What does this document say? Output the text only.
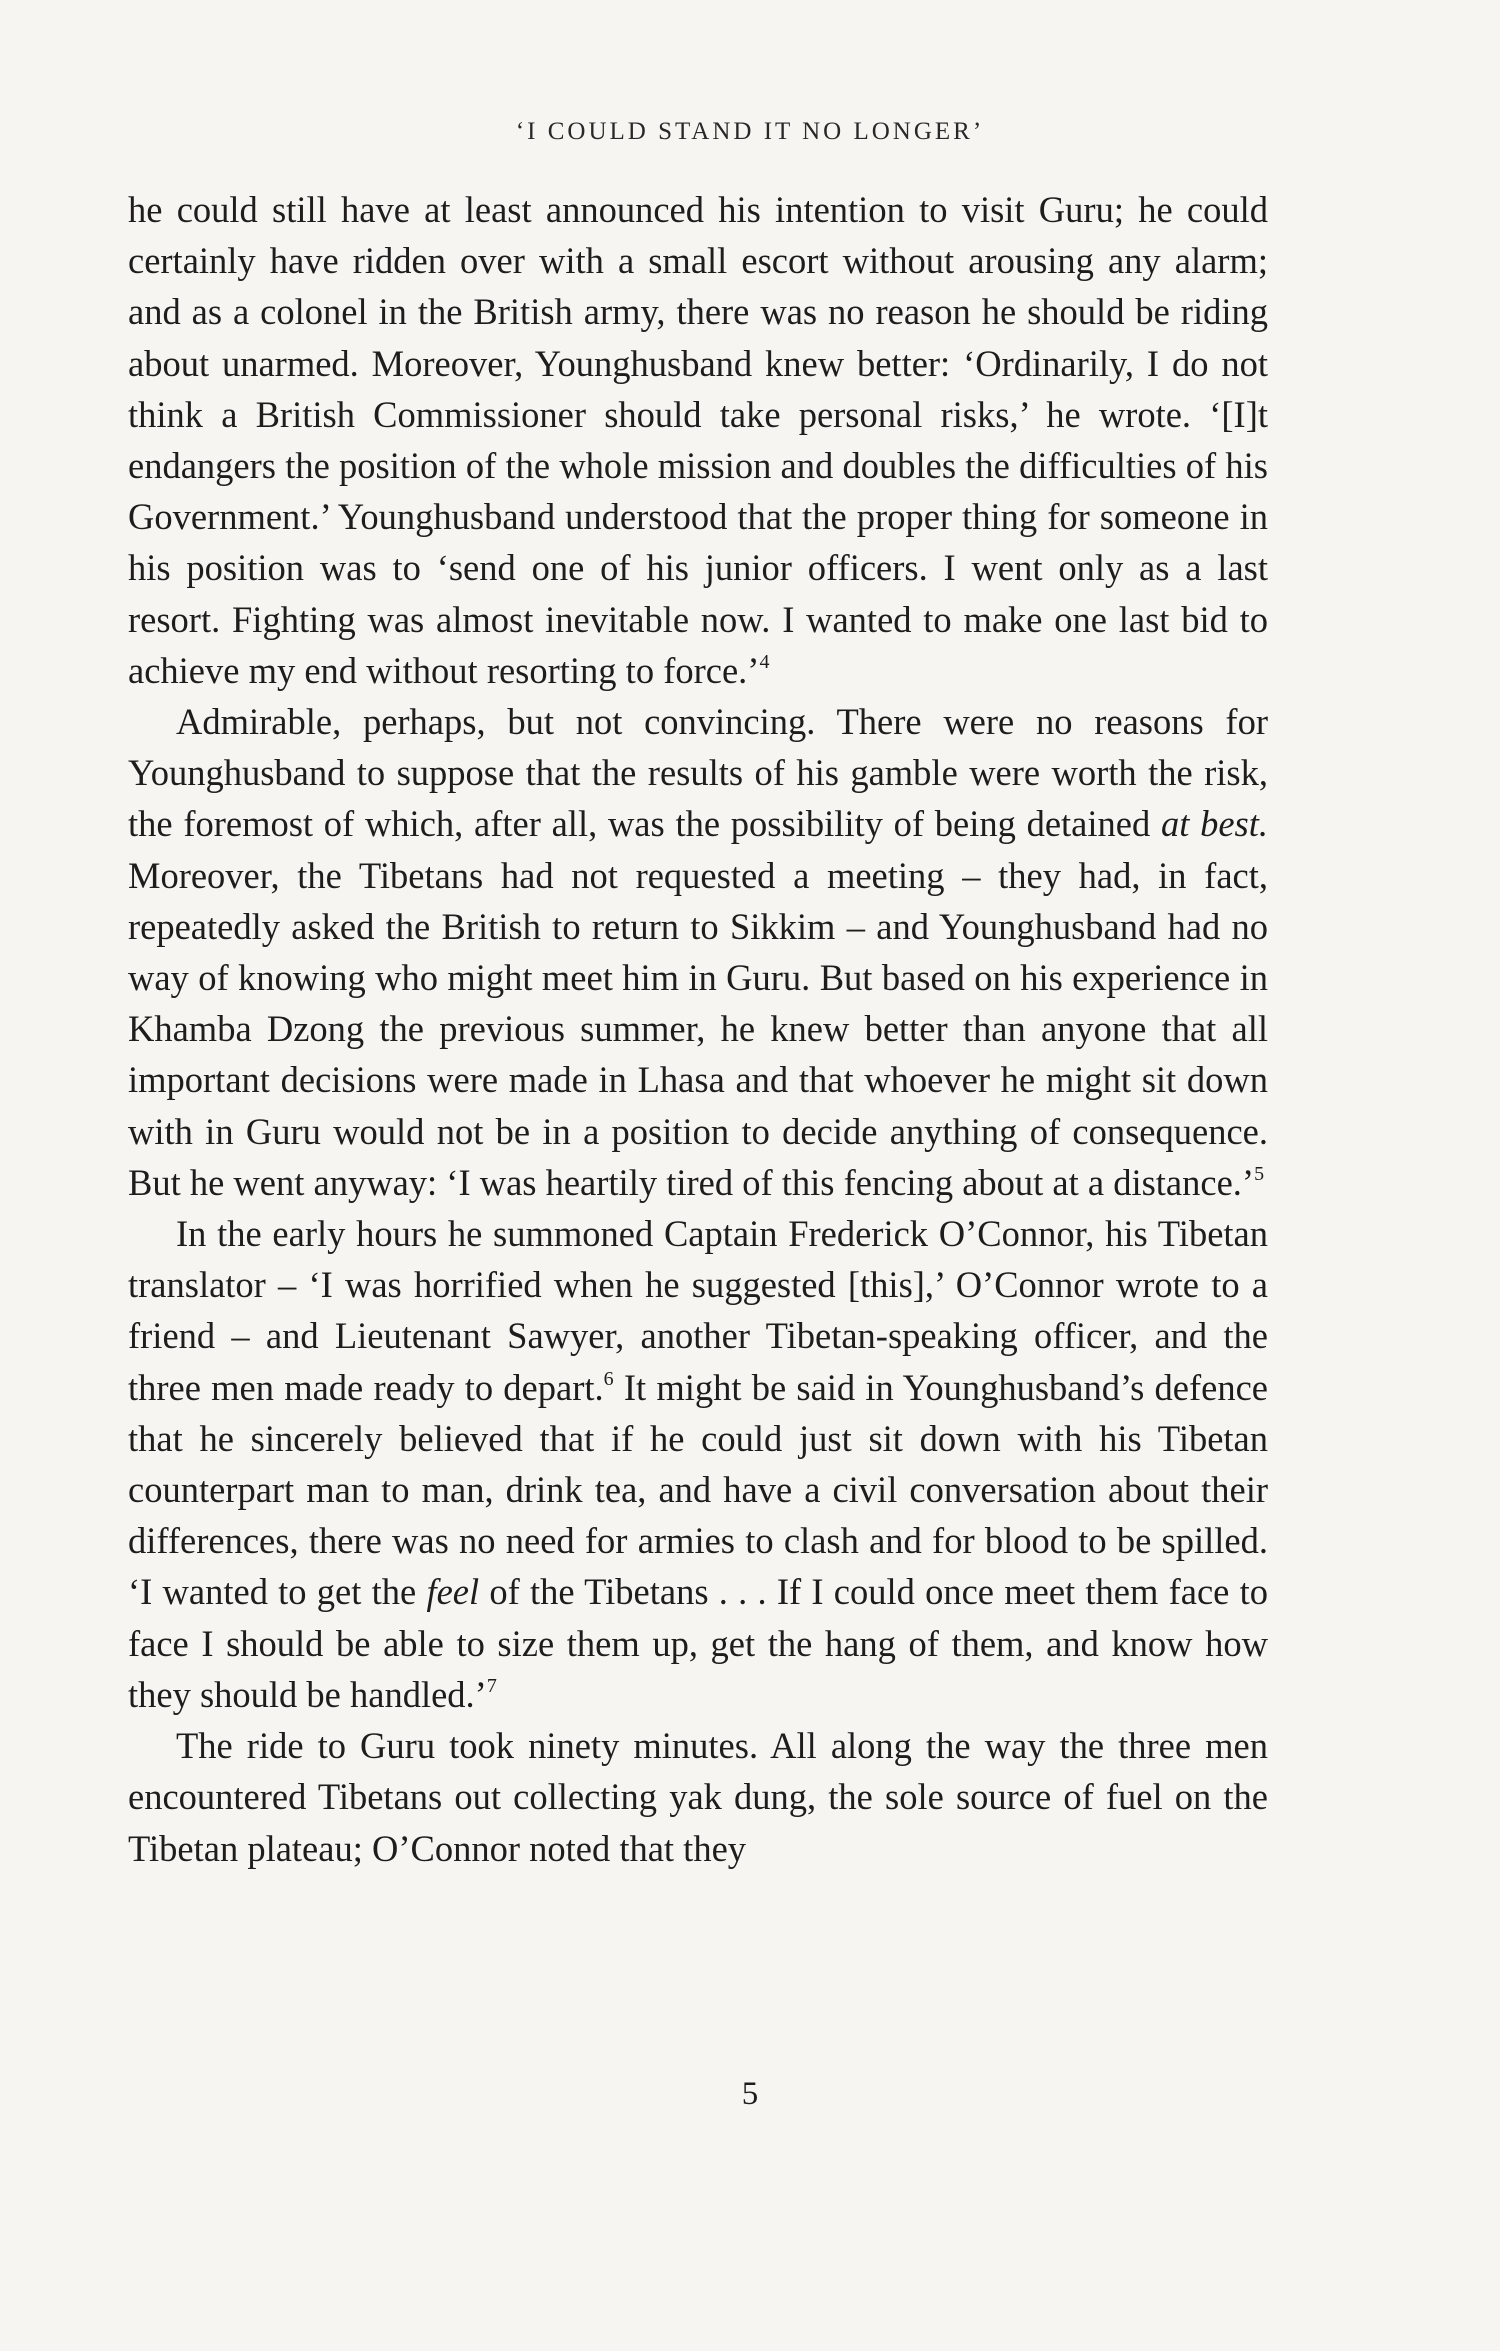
‘I COULD STAND IT NO LONGER’

he could still have at least announced his intention to visit Guru; he could certainly have ridden over with a small escort without arousing any alarm; and as a colonel in the British army, there was no reason he should be riding about unarmed. Moreover, Younghusband knew better: ‘Ordinarily, I do not think a British Commissioner should take personal risks,’ he wrote. ‘[I]t endangers the position of the whole mission and doubles the difficulties of his Government.’ Younghusband understood that the proper thing for someone in his position was to ‘send one of his junior officers. I went only as a last resort. Fighting was almost inevitable now. I wanted to make one last bid to achieve my end without resorting to force.’$^4$

Admirable, perhaps, but not convincing. There were no reasons for Younghusband to suppose that the results of his gamble were worth the risk, the foremost of which, after all, was the possibility of being detained at best. Moreover, the Tibetans had not requested a meeting – they had, in fact, repeatedly asked the British to return to Sikkim – and Younghusband had no way of knowing who might meet him in Guru. But based on his experience in Khamba Dzong the previous summer, he knew better than anyone that all important decisions were made in Lhasa and that whoever he might sit down with in Guru would not be in a position to decide anything of consequence. But he went anyway: ‘I was heartily tired of this fencing about at a distance.’$^5$

In the early hours he summoned Captain Frederick O’Connor, his Tibetan translator – ‘I was horrified when he suggested [this],’ O’Connor wrote to a friend – and Lieutenant Sawyer, another Tibetan-speaking officer, and the three men made ready to depart.$^6$ It might be said in Younghusband’s defence that he sincerely believed that if he could just sit down with his Tibetan counterpart man to man, drink tea, and have a civil conversation about their differences, there was no need for armies to clash and for blood to be spilled. ‘I wanted to get the feel of the Tibetans . . . If I could once meet them face to face I should be able to size them up, get the hang of them, and know how they should be handled.’$^7$

The ride to Guru took ninety minutes. All along the way the three men encountered Tibetans out collecting yak dung, the sole source of fuel on the Tibetan plateau; O’Connor noted that they

5
